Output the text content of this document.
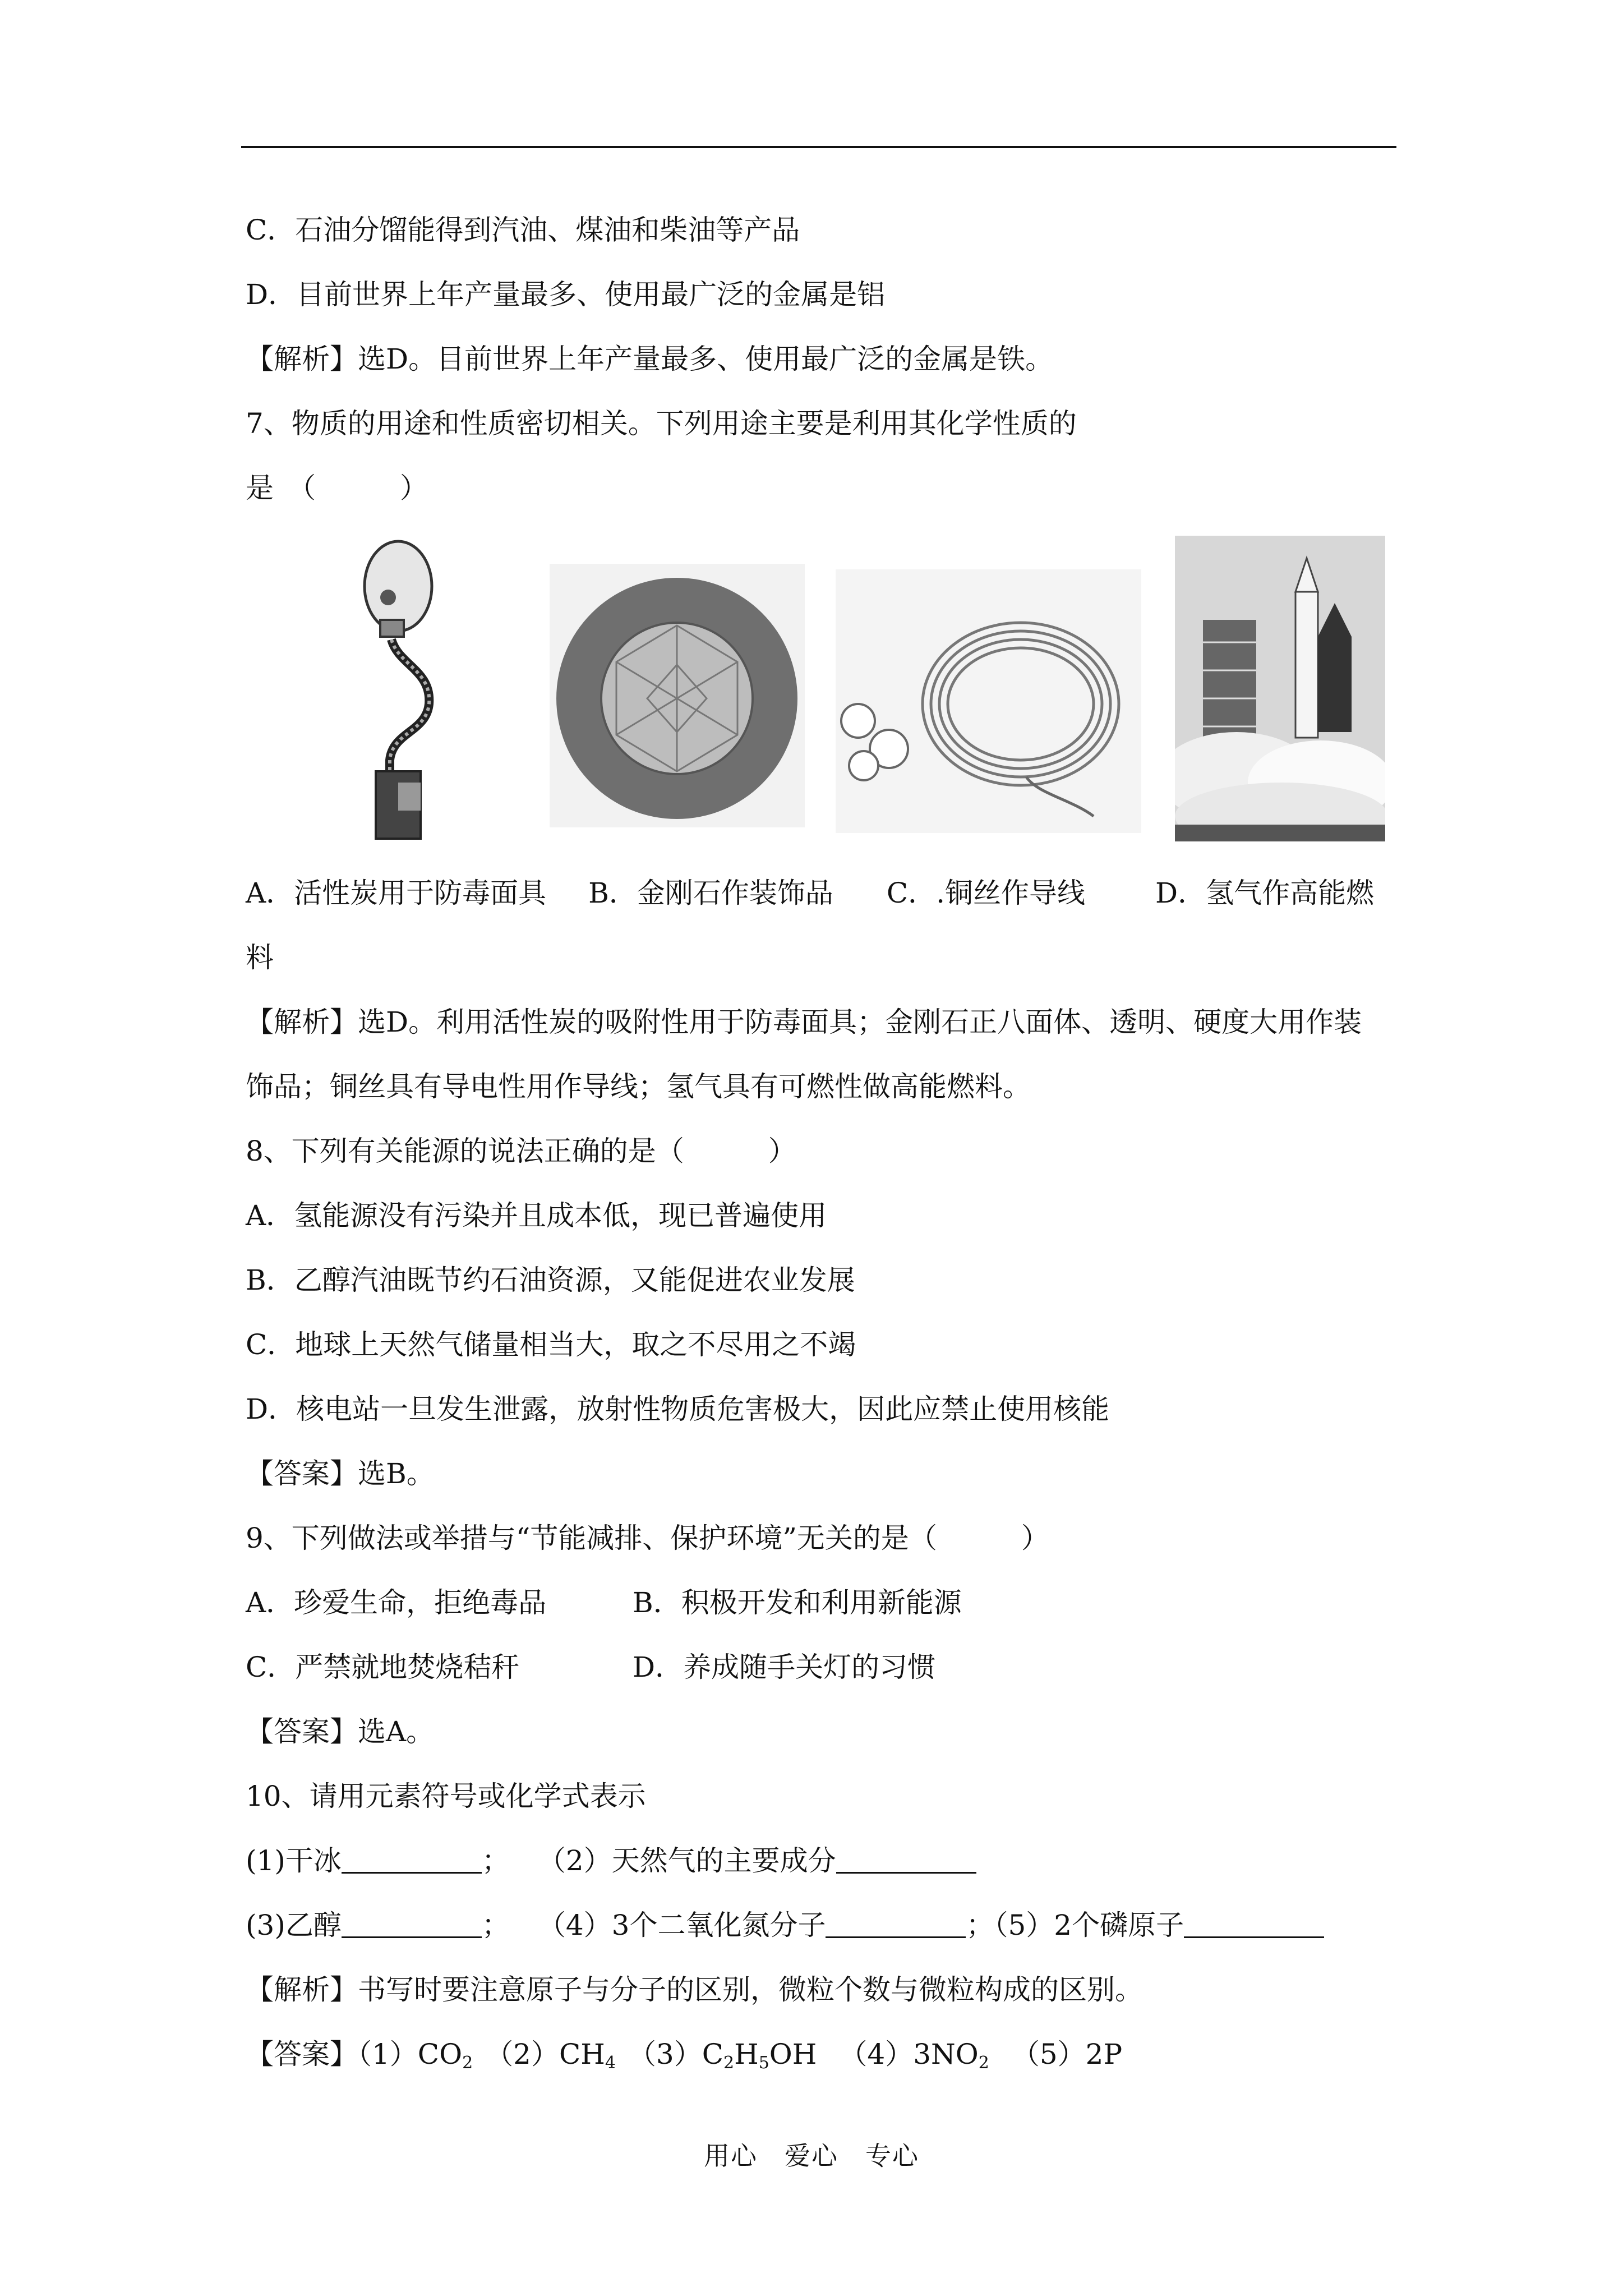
C．石油分馏能得到汽油、煤油和柴油等产品
D．目前世界上年产量最多、使用最广泛的金属是铝
【解析】选D。目前世界上年产量最多、使用最广泛的金属是铁。
7、物质的用途和性质密切相关。下列用途主要是利用其化学性质的
是　（　　　）
A．活性炭用于防毒面具 B．金刚石作装饰品 C．.铜丝作导线	D．氢气作高能燃
料
【解析】选D。利用活性炭的吸附性用于防毒面具；金刚石正八面体、透明、硬度大用作装
饰品；铜丝具有导电性用作导线；氢气具有可燃性做高能燃料。
8、下列有关能源的说法正确的是（　　　）
A．氢能源没有污染并且成本低，现已普遍使用
B．乙醇汽油既节约石油资源，又能促进农业发展
C．地球上天然气储量相当大，取之不尽用之不竭
D．核电站一旦发生泄露，放射性物质危害极大，因此应禁止使用核能
【答案】选B。
9、下列做法或举措与“节能减排、保护环境”无关的是（　　　）
A．珍爱生命，拒绝毒品	B．积极开发和利用新能源
C．严禁就地焚烧秸秆	D．养成随手关灯的习惯
【答案】选A。
10、请用元素符号或化学式表示
(1)干冰	； （2）天然气的主要成分
(3)乙醇	； （4）3个二氧化氮分子	；（5）2个磷原子
【解析】书写时要注意原子与分子的区别，微粒个数与微粒构成的区别。
【答案】$(1)CO_2$ $(2)CH_4$ $(3)C_2H_5OH$ $(4)3NO_2$ （5）2P
用心　爱心　专心
